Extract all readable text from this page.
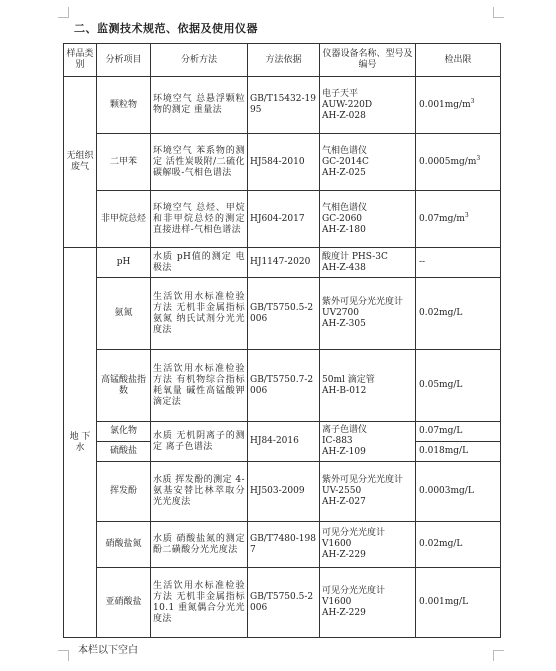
二、监测技术规范、依据及使用仪器
样品类别	分析项目	分析方法	方法依据	仪器设备名称、型号及编号	检出限
无组织废气	颗粒物	环境空气 总悬浮颗粒物的测定 重量法	GB/T15432-1995	电子天平
AUW-220D
AH-Z-028	$0.001mg/m^3$
	二甲苯	环境空气 苯系物的测定 活性炭吸附/二硫化碳解吸-气相色谱法	HJ584-2010	气相色谱仪
GC-2014C
AH-Z-025	$0.0005mg/m^3$
	非甲烷总烃	环境空气 总烃、甲烷和非甲烷总烃的测定 直接进样-气相色谱法	HJ604-2017	气相色谱仪
GC-2060
AH-Z-180	$0.07mg/m^3$
地 下 水	pH	水质 pH值的测定 电极法	HJ1147-2020	酸度计 PHS-3C
AH-Z-438	--
	氨氮	生活饮用水标准检验方法 无机非金属指标 氨氮 纳氏试剂分光光度法	GB/T5750.5-2006	紫外可见分光光度计 UV2700
AH-Z-305	0.02mg/L
	高锰酸盐指数	生活饮用水标准检验方法 有机物综合指标 耗氧量 碱性高锰酸钾滴定法	GB/T5750.7-2006	50ml 滴定管
AH-B-012	0.05mg/L
	氯化物	水质 无机阴离子的测定 离子色谱法	HJ84-2016	离子色谱仪
IC-883
AH-Z-109	0.07mg/L
	硫酸盐				0.018mg/L
	挥发酚	水质 挥发酚的测定 4-氨基安替比林萃取分光光度法	HJ503-2009	紫外可见分光光度计 UV-2550
AH-Z-027	0.0003mg/L
	硝酸盐氮	水质 硝酸盐氮的测定 酚二磺酸分光光度法	GB/T7480-1987	可见分光光度计
V1600
AH-Z-229	0.02mg/L
	亚硝酸盐	生活饮用水标准检验方法 无机非金属指标 10.1 重氮偶合分光光度法	GB/T5750.5-2006	可见分光光度计
V1600
AH-Z-229	0.001mg/L
本栏以下空白
